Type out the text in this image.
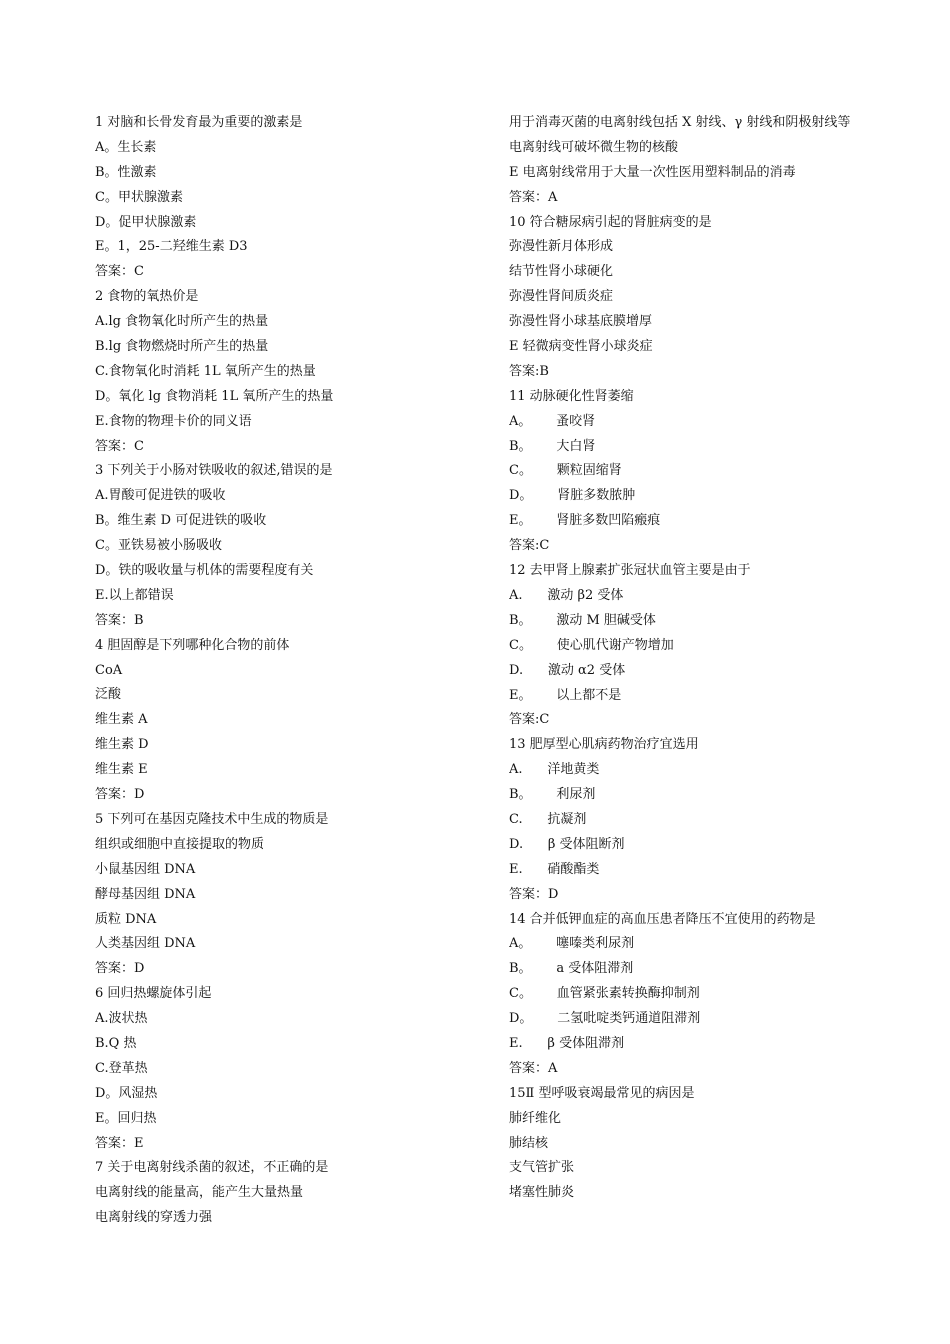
1 对脑和长骨发育最为重要的激素是
A。生长素
B。性激素
C。甲状腺激素
D。促甲状腺激素
E。1，25-二羟维生素 D3
答案：C
2 食物的氧热价是
A.lg 食物氧化时所产生的热量
B.lg 食物燃烧时所产生的热量
C.食物氧化时消耗 1L 氧所产生的热量
D。氧化 lg 食物消耗 1L 氧所产生的热量
E.食物的物理卡价的同义语
答案：C
3 下列关于小肠对铁吸收的叙述,错误的是
A.胃酸可促进铁的吸收
B。维生素 D 可促进铁的吸收
C。亚铁易被小肠吸收
D。铁的吸收量与机体的需要程度有关
E.以上都错误
答案：B
4 胆固醇是下列哪种化合物的前体
CoA
泛酸
维生素 A
维生素 D
维生素 E
答案：D
5 下列可在基因克隆技术中生成的物质是
组织或细胞中直接提取的物质
小鼠基因组 DNA
酵母基因组 DNA
质粒 DNA
人类基因组 DNA
答案：D
6 回归热螺旋体引起
A.波状热
B.Q 热
C.登革热
D。风湿热
E。回归热
答案：E
7 关于电离射线杀菌的叙述，不正确的是
电离射线的能量高，能产生大量热量
电离射线的穿透力强
用于消毒灭菌的电离射线包括 X 射线、γ 射线和阴极射线等
电离射线可破坏微生物的核酸
E 电离射线常用于大量一次性医用塑料制品的消毒
答案：A
10 符合糖尿病引起的肾脏病变的是
弥漫性新月体形成
结节性肾小球硬化
弥漫性肾间质炎症
弥漫性肾小球基底膜增厚
E 轻微病变性肾小球炎症
答案:B
11 动脉硬化性肾萎缩
A。      蚤咬肾
B。      大白肾
C。      颗粒固缩肾
D。      肾脏多数脓肿
E。      肾脏多数凹陷瘢痕
答案:C
12 去甲肾上腺素扩张冠状血管主要是由于
A.      激动 β2 受体
B。      激动 M 胆碱受体
C。      使心肌代谢产物增加
D.      激动 α2 受体
E。      以上都不是
答案:C
13 肥厚型心肌病药物治疗宜选用
A.      洋地黄类
B。      利尿剂
C.      抗凝剂
D.      β 受体阻断剂
E.      硝酸酯类
答案：D
14 合并低钾血症的高血压患者降压不宜使用的药物是
A。      噻嗪类利尿剂
B。      a 受体阻滞剂
C。      血管紧张素转换酶抑制剂
D。      二氢吡啶类钙通道阻滞剂
E.      β 受体阻滞剂
答案：A
15Ⅱ 型呼吸衰竭最常见的病因是
肺纤维化
肺结核
支气管扩张
堵塞性肺炎
